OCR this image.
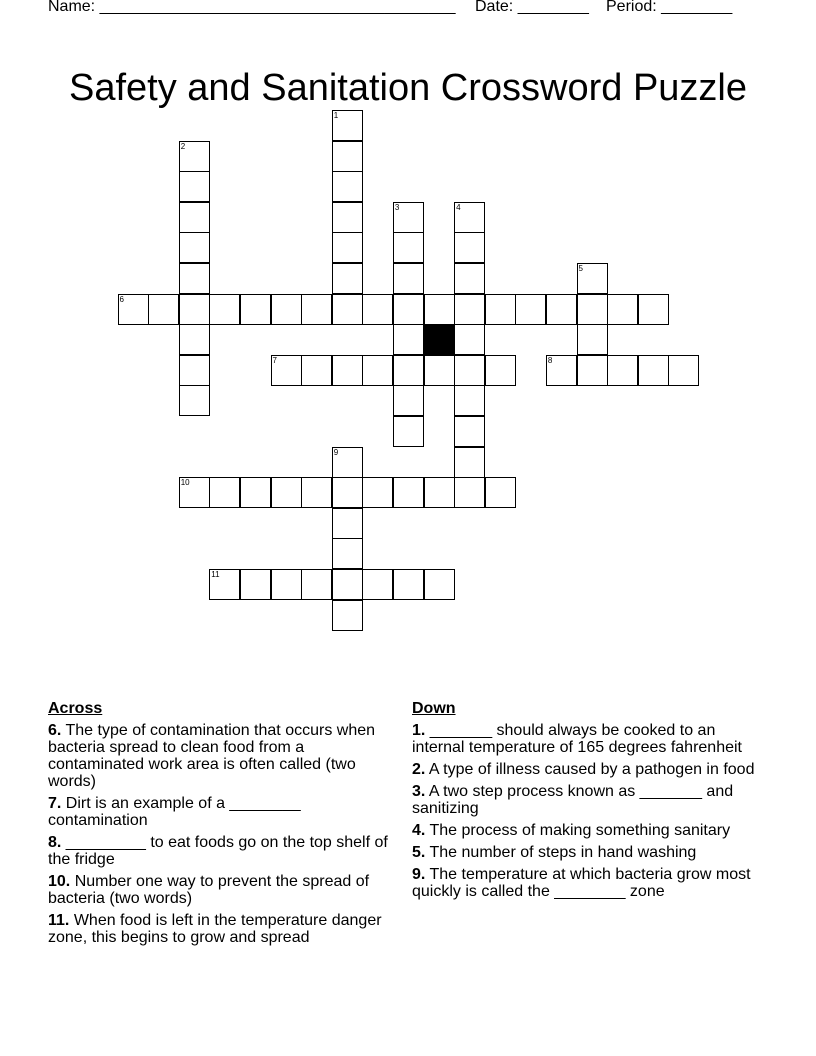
Name: ________________________________________ Date: ________ Period: ________
Safety and Sanitation Crossword Puzzle
1
2
3	4
5
6
7	8
9
10
11
Across
6. The type of contamination that occurs when bacteria spread to clean food from a contaminated work area is often called (two words)
7. Dirt is an example of a ________ contamination
8. _________ to eat foods go on the top shelf of the fridge
10. Number one way to prevent the spread of bacteria (two words)
11. When food is left in the temperature danger zone, this begins to grow and spread
Down
1. _______ should always be cooked to an internal temperature of 165 degrees fahrenheit
2. A type of illness caused by a pathogen in food
3. A two step process known as _______ and sanitizing
4. The process of making something sanitary
5. The number of steps in hand washing
9. The temperature at which bacteria grow most quickly is called the ________ zone
